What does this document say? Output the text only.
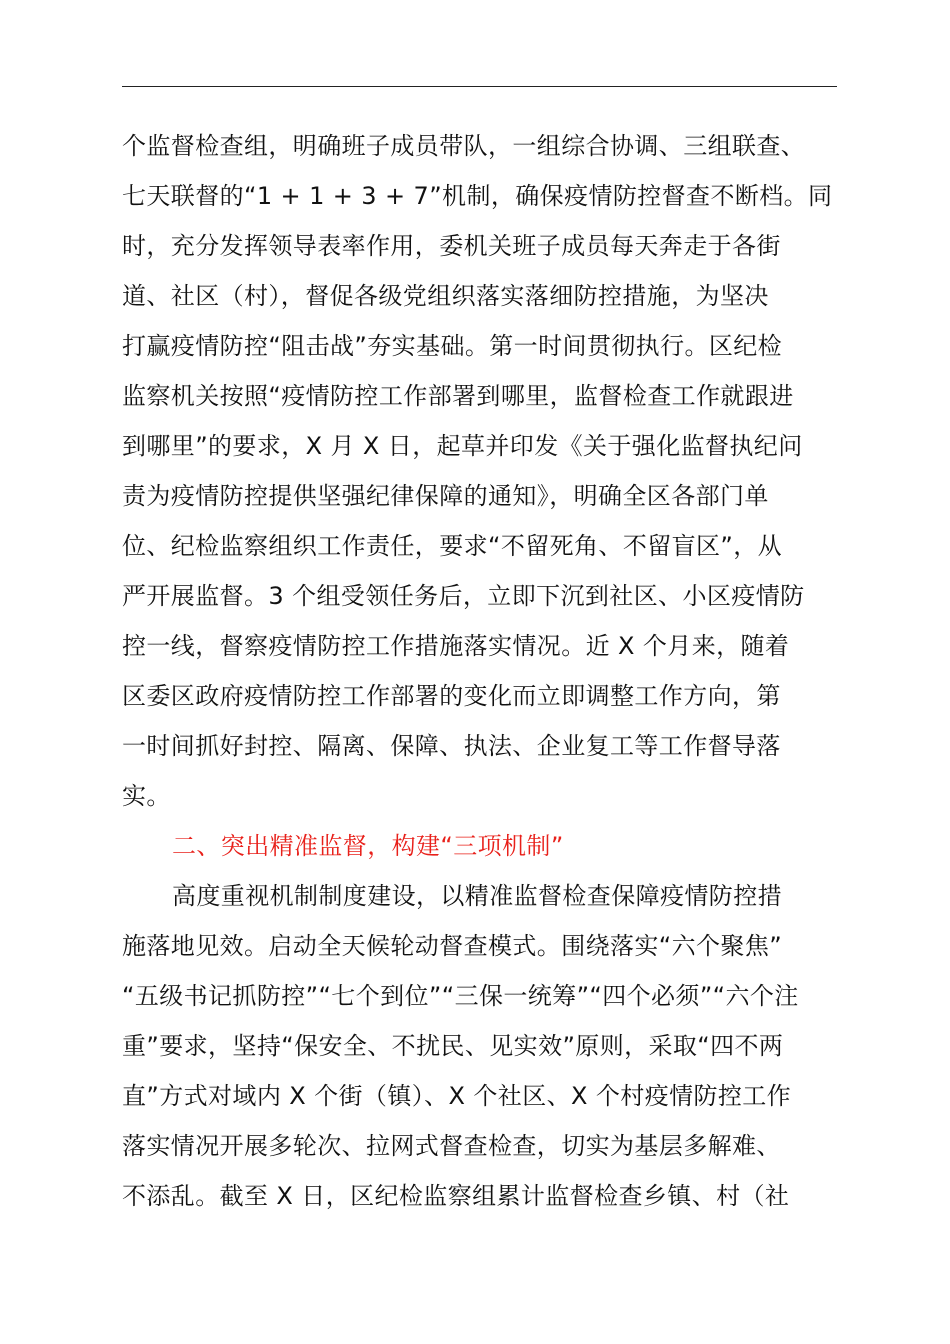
个监督检查组，明确班子成员带队，一组综合协调、三组联查、
七天联督的“1 + 1 + 3 + 7”机制，确保疫情防控督查不断档。同
时，充分发挥领导表率作用，委机关班子成员每天奔走于各街
道、社区（村），督促各级党组织落实落细防控措施，为坚决
打赢疫情防控“阻击战”夯实基础。第一时间贯彻执行。区纪检
监察机关按照“疫情防控工作部署到哪里，监督检查工作就跟进
到哪里”的要求，X 月 X 日，起草并印发《关于强化监督执纪问
责为疫情防控提供坚强纪律保障的通知》，明确全区各部门单
位、纪检监察组织工作责任，要求“不留死角、不留盲区”，从
严开展监督。3 个组受领任务后，立即下沉到社区、小区疫情防
控一线，督察疫情防控工作措施落实情况。近 X 个月来，随着
区委区政府疫情防控工作部署的变化而立即调整工作方向，第
一时间抓好封控、隔离、保障、执法、企业复工等工作督导落
实。
二、突出精准监督，构建“三项机制”
高度重视机制制度建设，以精准监督检查保障疫情防控措
施落地见效。启动全天候轮动督查模式。围绕落实“六个聚焦”
“五级书记抓防控”“七个到位”“三保一统筹”“四个必须”“六个注
重”要求，坚持“保安全、不扰民、见实效”原则，采取“四不两
直”方式对域内 X 个街（镇）、X 个社区、X 个村疫情防控工作
落实情况开展多轮次、拉网式督查检查，切实为基层多解难、
不添乱。截至 X 日，区纪检监察组累计监督检查乡镇、村（社
